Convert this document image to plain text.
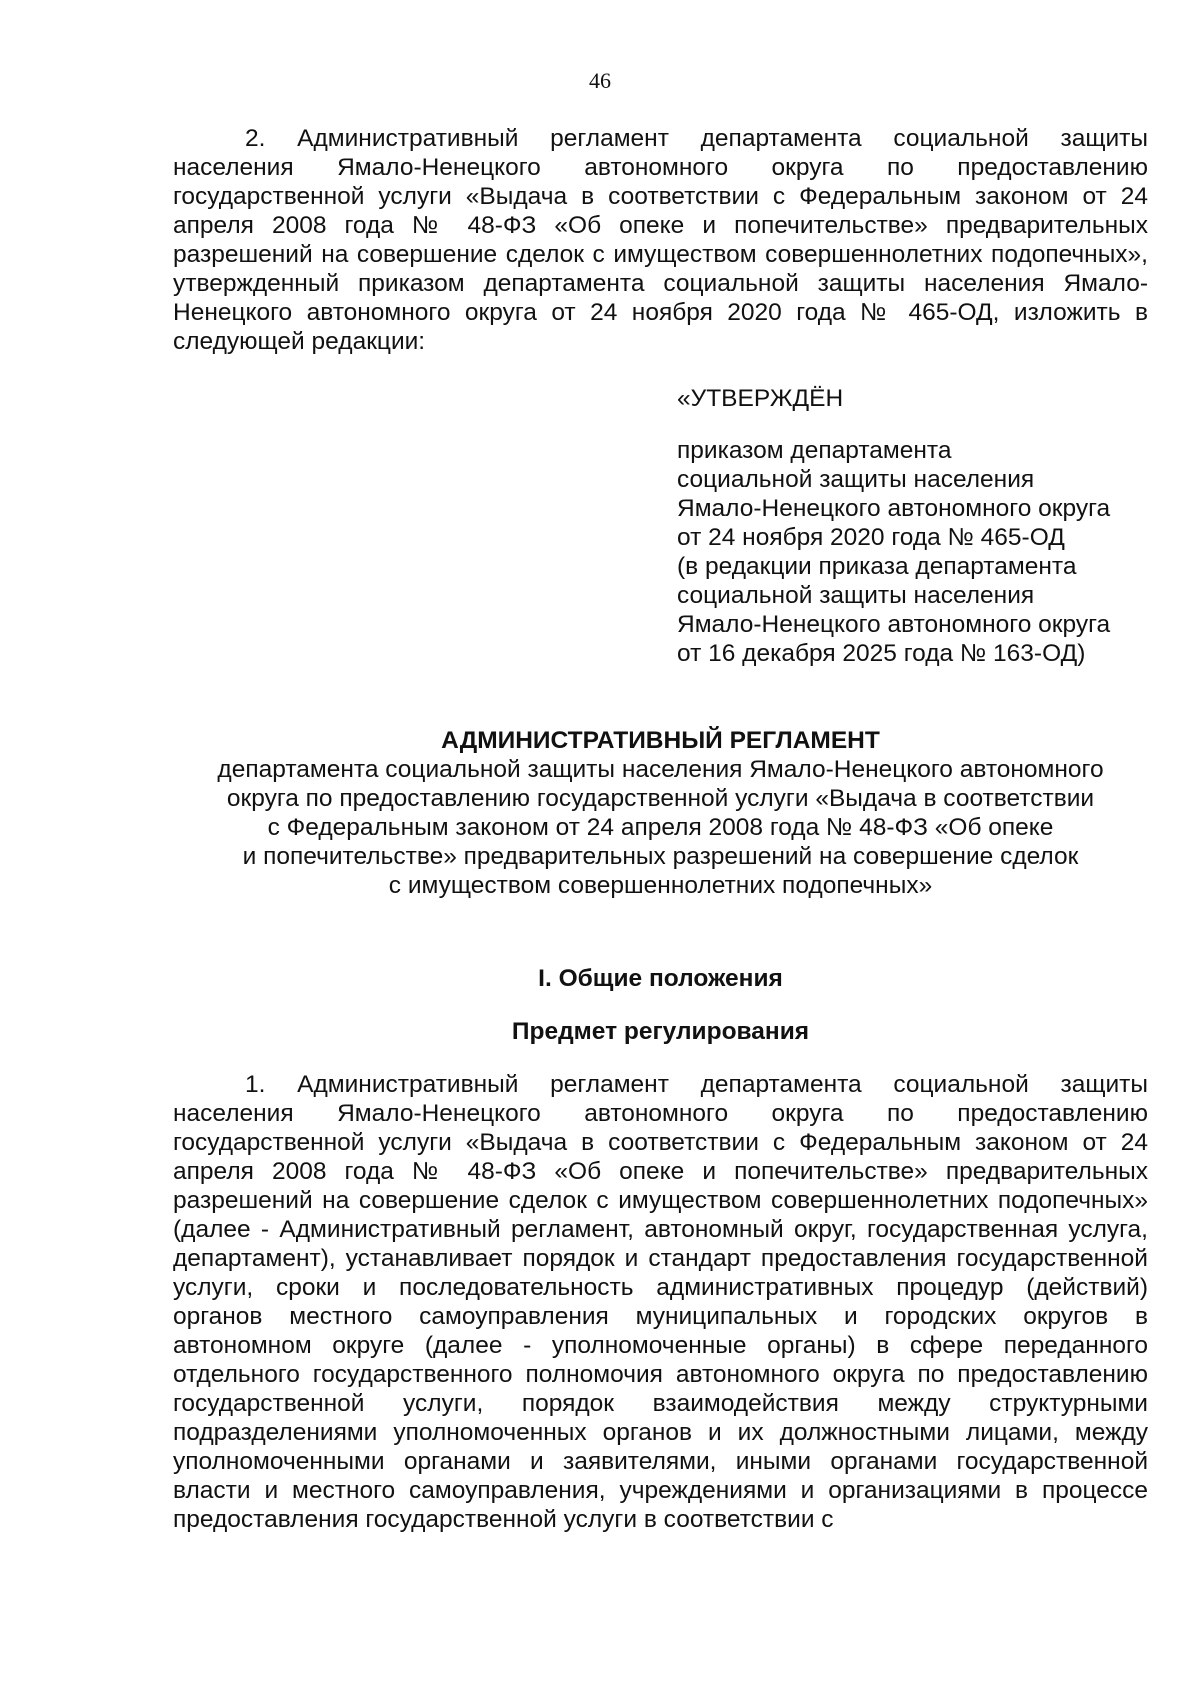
46

2. Административный регламент департамента социальной защиты населения Ямало-Ненецкого автономного округа по предоставлению государственной услуги «Выдача в соответствии с Федеральным законом от 24 апреля 2008 года № 48-ФЗ «Об опеке и попечительстве» предварительных разрешений на совершение сделок с имуществом совершеннолетних подопечных», утвержденный приказом департамента социальной защиты населения Ямало-Ненецкого автономного округа от 24 ноября 2020 года № 465-ОД, изложить в следующей редакции:

«УТВЕРЖДЁН
приказом департамента
социальной защиты населения
Ямало-Ненецкого автономного округа
от 24 ноября 2020 года № 465-ОД
(в редакции приказа департамента
социальной защиты населения
Ямало-Ненецкого автономного округа
от 16 декабря 2025 года № 163-ОД)
АДМИНИСТРАТИВНЫЙ РЕГЛАМЕНТ
департамента социальной защиты населения Ямало-Ненецкого автономного
округа по предоставлению государственной услуги «Выдача в соответствии
с Федеральным законом от 24 апреля 2008 года № 48-ФЗ «Об опеке
и попечительстве» предварительных разрешений на совершение сделок
с имуществом совершеннолетних подопечных»
I. Общие положения
Предмет регулирования

1. Административный регламент департамента социальной защиты населения Ямало-Ненецкого автономного округа по предоставлению государственной услуги «Выдача в соответствии с Федеральным законом от 24 апреля 2008 года № 48-ФЗ «Об опеке и попечительстве» предварительных разрешений на совершение сделок с имуществом совершеннолетних подопечных» (далее - Административный регламент, автономный округ, государственная услуга, департамент), устанавливает порядок и стандарт предоставления государственной услуги, сроки и последовательность административных процедур (действий) органов местного самоуправления муниципальных и городских округов в автономном округе (далее - уполномоченные органы) в сфере переданного отдельного государственного полномочия автономного округа по предоставлению государственной услуги, порядок взаимодействия между структурными подразделениями уполномоченных органов и их должностными лицами, между уполномоченными органами и заявителями, иными органами государственной власти и местного самоуправления, учреждениями и организациями в процессе предоставления государственной услуги в соответствии с
